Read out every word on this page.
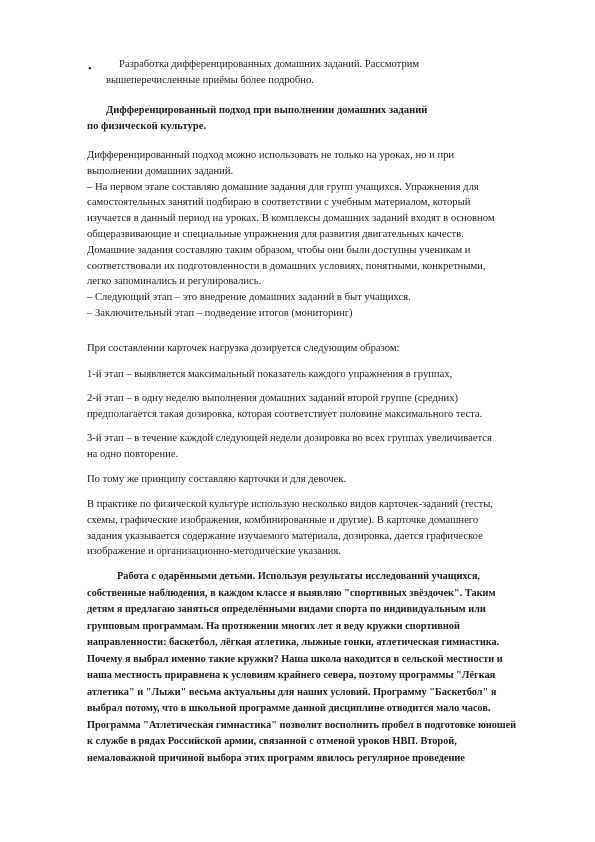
•	Разработка дифференцированных домашних заданий. Рассмотрим
вышеперечисленные приёмы более подробно.

Дифференцированный подход при выполнении домашних заданий
по физической культуре.

Дифференцированный подход можно использовать не только на уроках, но и при
выполнении домашних заданий.
– На первом этапе составляю домашние задания для групп учащихся. Упражнения для
самостоятельных занятий подбираю в соответствии с учебным материалом, который
изучается в данный период на уроках. В комплексы домашних заданий входят в основном
общеразвивающие и специальные упражнения для развития двигательных качеств.
Домашние задания составляю таким образом, чтобы они были доступны ученикам и
соответствовали их подготовленности в домашних условиях, понятными, конкретными,
легко запоминались и регулировались.
– Следующий этап – это внедрение домашних заданий в быт учащихся.
– Заключительный этап – подведение итогов (мониторинг)

При составлении карточек нагрузка дозируется следующим образом:

1-й этап – выявляется максимальный показатель каждого упражнения в группах,

2-й этап – в одну неделю выполнения домашних заданий второй группе (средних)
предполагается такая дозировка, которая соответствует половине максимального теста.

3-й этап – в течение каждой следующей недели дозировка во всех группах увеличивается
на одно повторение.

По тому же принципу составляю карточки и для девочек.

В практике по физической культуре использую несколько видов карточек-заданий (тесты,
схемы, графические изображения, комбинированные и другие). В карточке домашнего
задания указывается содержание изучаемого материала, дозировка, дается графическое
изображение и организационно-методические указания.

Работа с одарёнными детьми. Используя результаты исследований учащихся,
собственные наблюдения, в каждом классе я выявляю "спортивных звёздочек". Таким
детям я предлагаю заняться определёнными видами спорта по индивидуальным или
групповым программам. На протяжении многих лет я веду кружки спортивной
направленности: баскетбол, лёгкая атлетика, лыжные гонки, атлетическая гимнастика.
Почему я выбрал именно такие кружки? Наша школа находится в сельской местности и
наша местность приравнена к условиям крайнего севера, поэтому программы "Лёгкая
атлетика" и "Лыжи" весьма актуальны для наших условий. Программу "Баскетбол" я
выбрал потому, что в школьной программе данной дисциплине отводится мало часов.
Программа "Атлетическая гимнастика" позволит восполнить пробел в подготовке юношей
к службе в рядах Российской армии, связанной с отменой уроков НВП. Второй,
немаловажной причиной выбора этих программ явилось регулярное проведение
